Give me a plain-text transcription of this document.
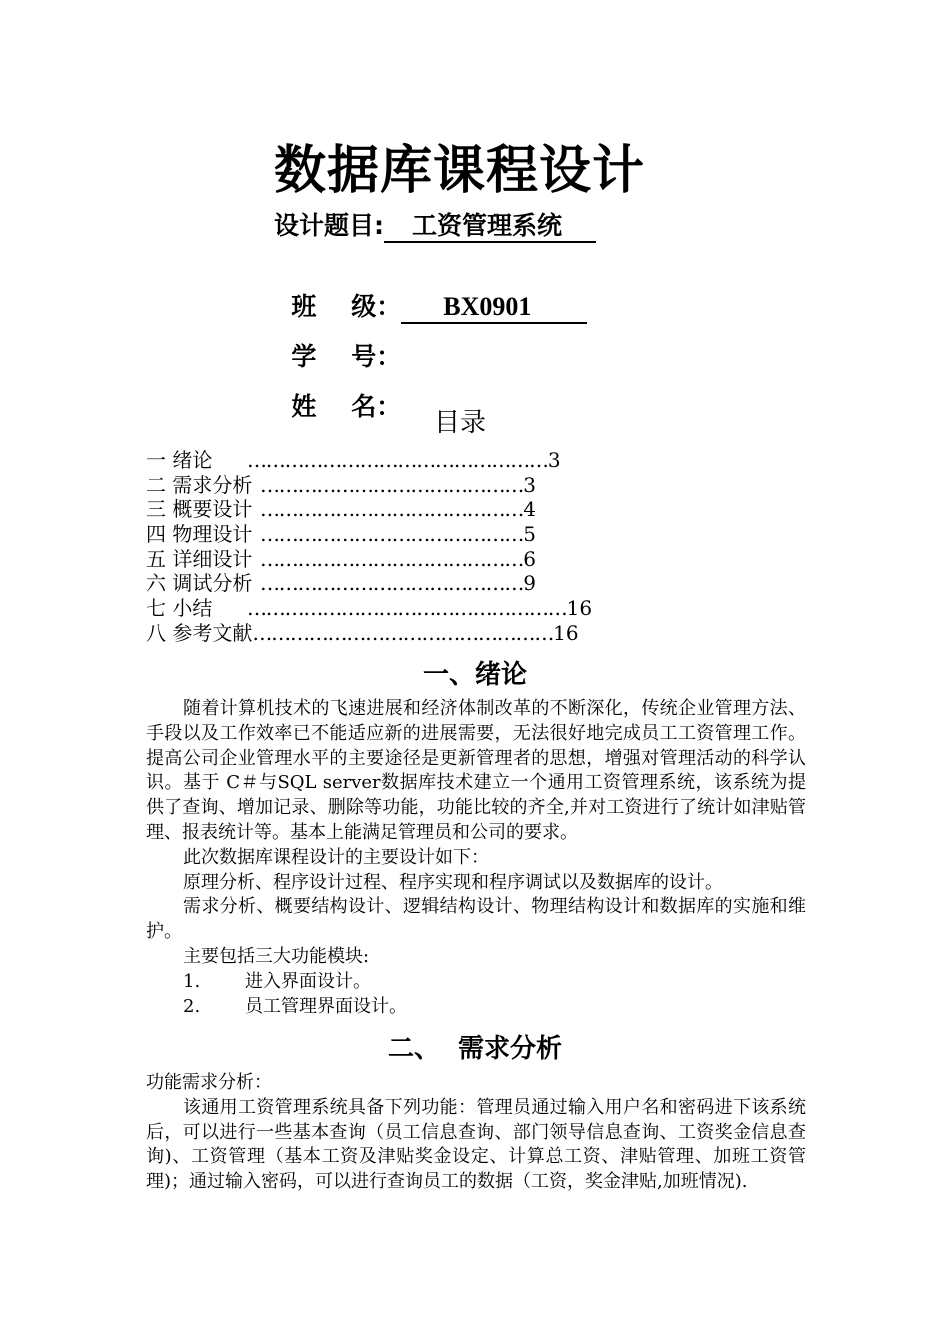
数据库课程设计
设计题目: 工资管理系统

班    级： BX0901

学    号：

姓    名：

目录
一 绪论 …………………………………………3
二 需求分析 ……………………………………3
三 概要设计 ……………………………………4
四 物理设计 ……………………………………5
五 详细设计 ……………………………………6
六 调试分析 ……………………………………9
七 小结 ……………………………………………16
八 参考文献…………………………………………16
一、绪论

随着计算机技术的飞速进展和经济体制改革的不断深化，传统企业管理方法、手段以及工作效率已不能适应新的进展需要，无法很好地完成员工工资管理工作。提高公司企业管理水平的主要途径是更新管理者的思想，增强对管理活动的科学认识。基于 C＃与SQL server数据库技术建立一个通用工资管理系统，该系统为提供了查询、增加记录、删除等功能，功能比较的齐全,并对工资进行了统计如津贴管理、报表统计等。基本上能满足管理员和公司的要求。

此次数据库课程设计的主要设计如下：

原理分析、程序设计过程、程序实现和程序调试以及数据库的设计。

需求分析、概要结构设计、逻辑结构设计、物理结构设计和数据库的实施和维护。

主要包括三大功能模块:

1. 进入界面设计。

2. 员工管理界面设计。

二、  需求分析

功能需求分析：

该通用工资管理系统具备下列功能：管理员通过输入用户名和密码进下该系统后，可以进行一些基本查询（员工信息查询、部门领导信息查询、工资奖金信息查询)、工资管理（基本工资及津贴奖金设定、计算总工资、津贴管理、加班工资管理)；通过输入密码，可以进行查询员工的数据（工资，奖金津贴,加班情况).
